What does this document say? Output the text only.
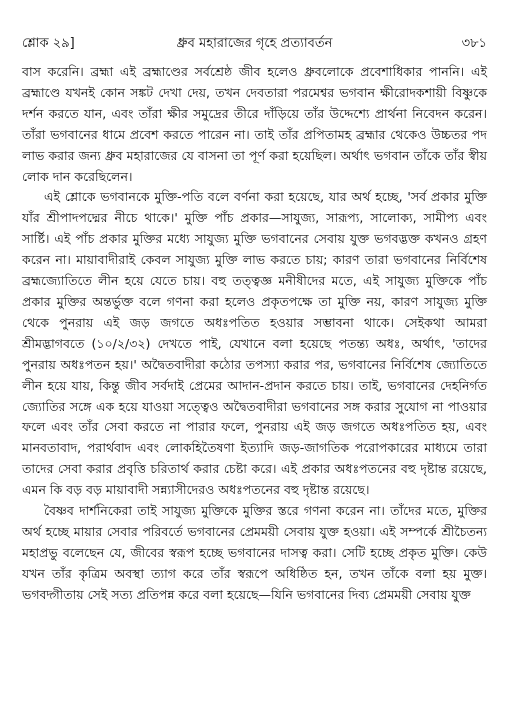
শ্লোক ২৯]	ধ্রুব মহারাজের গৃহে প্রত্যাবর্তন	৩৮১

বাস করেনি। ব্রহ্মা এই ব্রহ্মাণ্ডের সর্বশ্রেষ্ঠ জীব হলেও ধ্রুবলোকে প্রবেশাধিকার পাননি। এই ব্রহ্মাণ্ডে যখনই কোন সঙ্কট দেখা দেয়, তখন দেবতারা পরমেশ্বর ভগবান ক্ষীরোদকশায়ী বিষ্ণুকে দর্শন করতে যান, এবং তাঁরা ক্ষীর সমুদ্রের তীরে দাঁড়িয়ে তাঁর উদ্দেশ্যে প্রার্থনা নিবেদন করেন। তাঁরা ভগবানের ধামে প্রবেশ করতে পারেন না। তাই তাঁর প্রপিতামহ ব্রহ্মার থেকেও উচ্চতর পদ লাভ করার জন্য ধ্রুব মহারাজের যে বাসনা তা পূর্ণ করা হয়েছিল। অর্থাৎ ভগবান তাঁকে তাঁর স্বীয় লোক দান করেছিলেন।

এই শ্লোকে ভগবানকে মুক্তি-পতি বলে বর্ণনা করা হয়েছে, যার অর্থ হচ্ছে, 'সর্ব প্রকার মুক্তি যাঁর শ্রীপাদপদ্মের নীচে থাকে।' মুক্তি পাঁচ প্রকার—সাযুজ্য, সারূপ্য, সালোক্য, সামীপ্য এবং সার্ষ্টি। এই পাঁচ প্রকার মুক্তির মধ্যে সাযুজ্য মুক্তি ভগবানের সেবায় যুক্ত ভগবদ্ভক্ত কখনও গ্রহণ করেন না। মায়াবাদীরাই কেবল সাযুজ্য মুক্তি লাভ করতে চায়; কারণ তারা ভগবানের নির্বিশেষ ব্রহ্মজ্যোতিতে লীন হয়ে যেতে চায়। বহু তত্ত্বজ্ঞ মনীষীদের মতে, এই সাযুজ্য মুক্তিকে পাঁচ প্রকার মুক্তির অন্তর্ভুক্ত বলে গণনা করা হলেও প্রকৃতপক্ষে তা মুক্তি নয়, কারণ সাযুজ্য মুক্তি থেকে পুনরায় এই জড় জগতে অধঃপতিত হওয়ার সম্ভাবনা থাকে। সেইকথা আমরা শ্রীমদ্ভাগবতে (১০/২/৩২) দেখতে পাই, যেখানে বলা হয়েছে পতন্ত্য অধঃ, অর্থাৎ, 'তাদের পুনরায় অধঃপতন হয়।' অদ্বৈতবাদীরা কঠোর তপস্যা করার পর, ভগবানের নির্বিশেষ জ্যোতিতে লীন হয়ে যায়, কিন্তু জীব সর্বদাই প্রেমের আদান-প্রদান করতে চায়। তাই, ভগবানের দেহনির্গত জ্যোতির সঙ্গে এক হয়ে যাওয়া সত্ত্বেও অদ্বৈতবাদীরা ভগবানের সঙ্গ করার সুযোগ না পাওয়ার ফলে এবং তাঁর সেবা করতে না পারার ফলে, পুনরায় এই জড় জগতে অধঃপতিত হয়, এবং মানবতাবাদ, পরার্থবাদ এবং লোকহিতৈষণা ইত্যাদি জড়-জাগতিক পরোপকারের মাধ্যমে তারা তাদের সেবা করার প্রবৃত্তি চরিতার্থ করার চেষ্টা করে। এই প্রকার অধঃপতনের বহু দৃষ্টান্ত রয়েছে, এমন কি বড় বড় মায়াবাদী সন্ন্যাসীদেরও অধঃপতনের বহু দৃষ্টান্ত রয়েছে।

বৈষ্ণব দার্শনিকেরা তাই সাযুজ্য মুক্তিকে মুক্তির স্তরে গণনা করেন না। তাঁদের মতে, মুক্তির অর্থ হচ্ছে মায়ার সেবার পরিবর্তে ভগবানের প্রেমময়ী সেবায় যুক্ত হওয়া। এই সম্পর্কে শ্রীচৈতন্য মহাপ্রভু বলেছেন যে, জীবের স্বরূপ হচ্ছে ভগবানের দাসত্ব করা। সেটি হচ্ছে প্রকৃত মুক্তি। কেউ যখন তাঁর কৃত্রিম অবস্থা ত্যাগ করে তাঁর স্বরূপে অধিষ্ঠিত হন, তখন তাঁকে বলা হয় মুক্ত। ভগবদ্গীতায় সেই সত্য প্রতিপন্ন করে বলা হয়েছে—যিনি ভগবানের দিব্য প্রেমময়ী সেবায় যুক্ত
